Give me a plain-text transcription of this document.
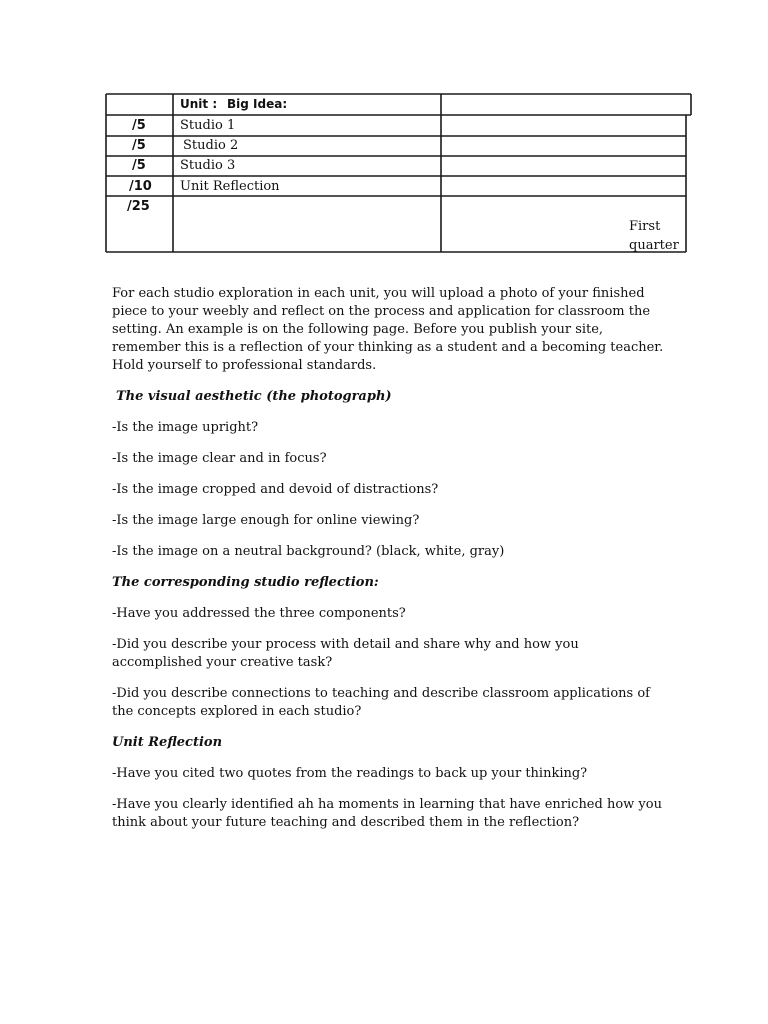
Unit : Big Idea:
/5	Studio 1
/5	Studio 2
/5	Studio 3
/10 Unit Reflection
/25
First
quarter

For each studio exploration in each unit, you will upload a photo of your finished piece to your weebly and reflect on the process and application for classroom the setting. An example is on the following page. Before you publish your site, remember this is a reflection of your thinking as a student and a becoming teacher. Hold yourself to professional standards.

The visual aesthetic (the photograph)

-Is the image upright?

-Is the image clear and in focus?

-Is the image cropped and devoid of distractions?

-Is the image large enough for online viewing?

-Is the image on a neutral background? (black, white, gray)

The corresponding studio reflection:

-Have you addressed the three components?

-Did you describe your process with detail and share why and how you accomplished your creative task?

-Did you describe connections to teaching and describe classroom applications of the concepts explored in each studio?

Unit Reflection

-Have you cited two quotes from the readings to back up your thinking?

-Have you clearly identified ah ha moments in learning that have enriched how you think about your future teaching and described them in the reflection?
